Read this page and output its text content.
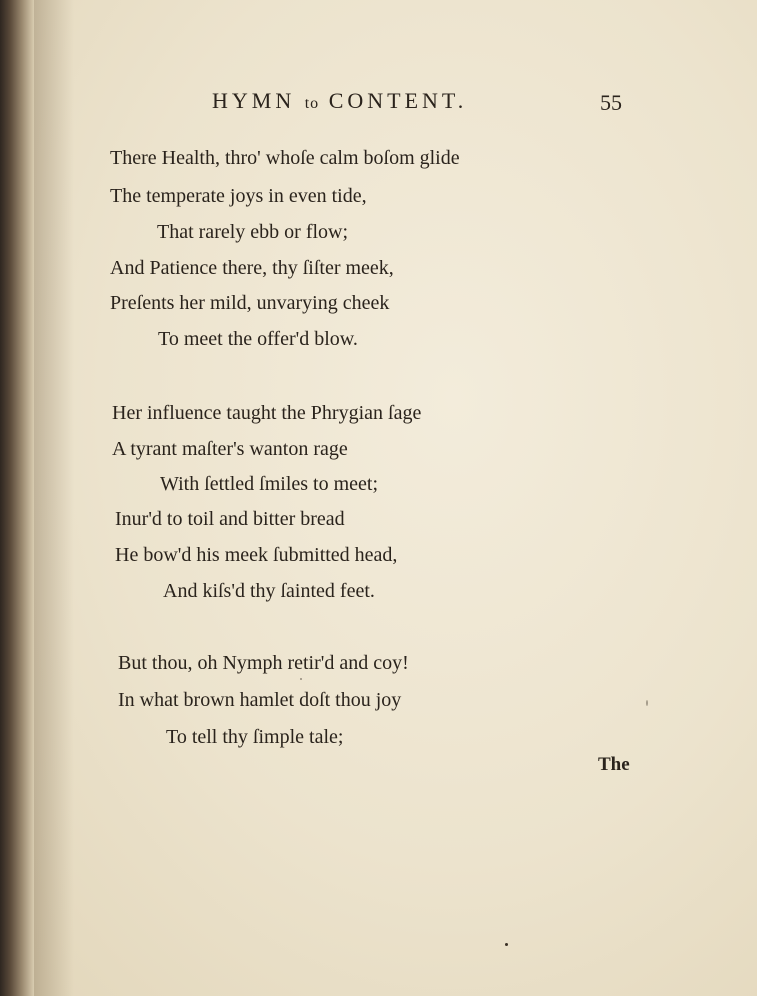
HYMN to CONTENT.	55
There Health, thro' whoſe calm boſom glide
The temperate joys in even tide,
That rarely ebb or flow;
And Patience there, thy ſiſter meek,
Preſents her mild, unvarying cheek
To meet the offer'd blow.
Her influence taught the Phrygian ſage
A tyrant maſter's wanton rage
With ſettled ſmiles to meet;
Inur'd to toil and bitter bread
He bow'd his meek ſubmitted head,
And kiſs'd thy ſainted feet.
But thou, oh Nymph retir'd and coy!
In what brown hamlet doſt thou joy
To tell thy ſimple tale;
The
